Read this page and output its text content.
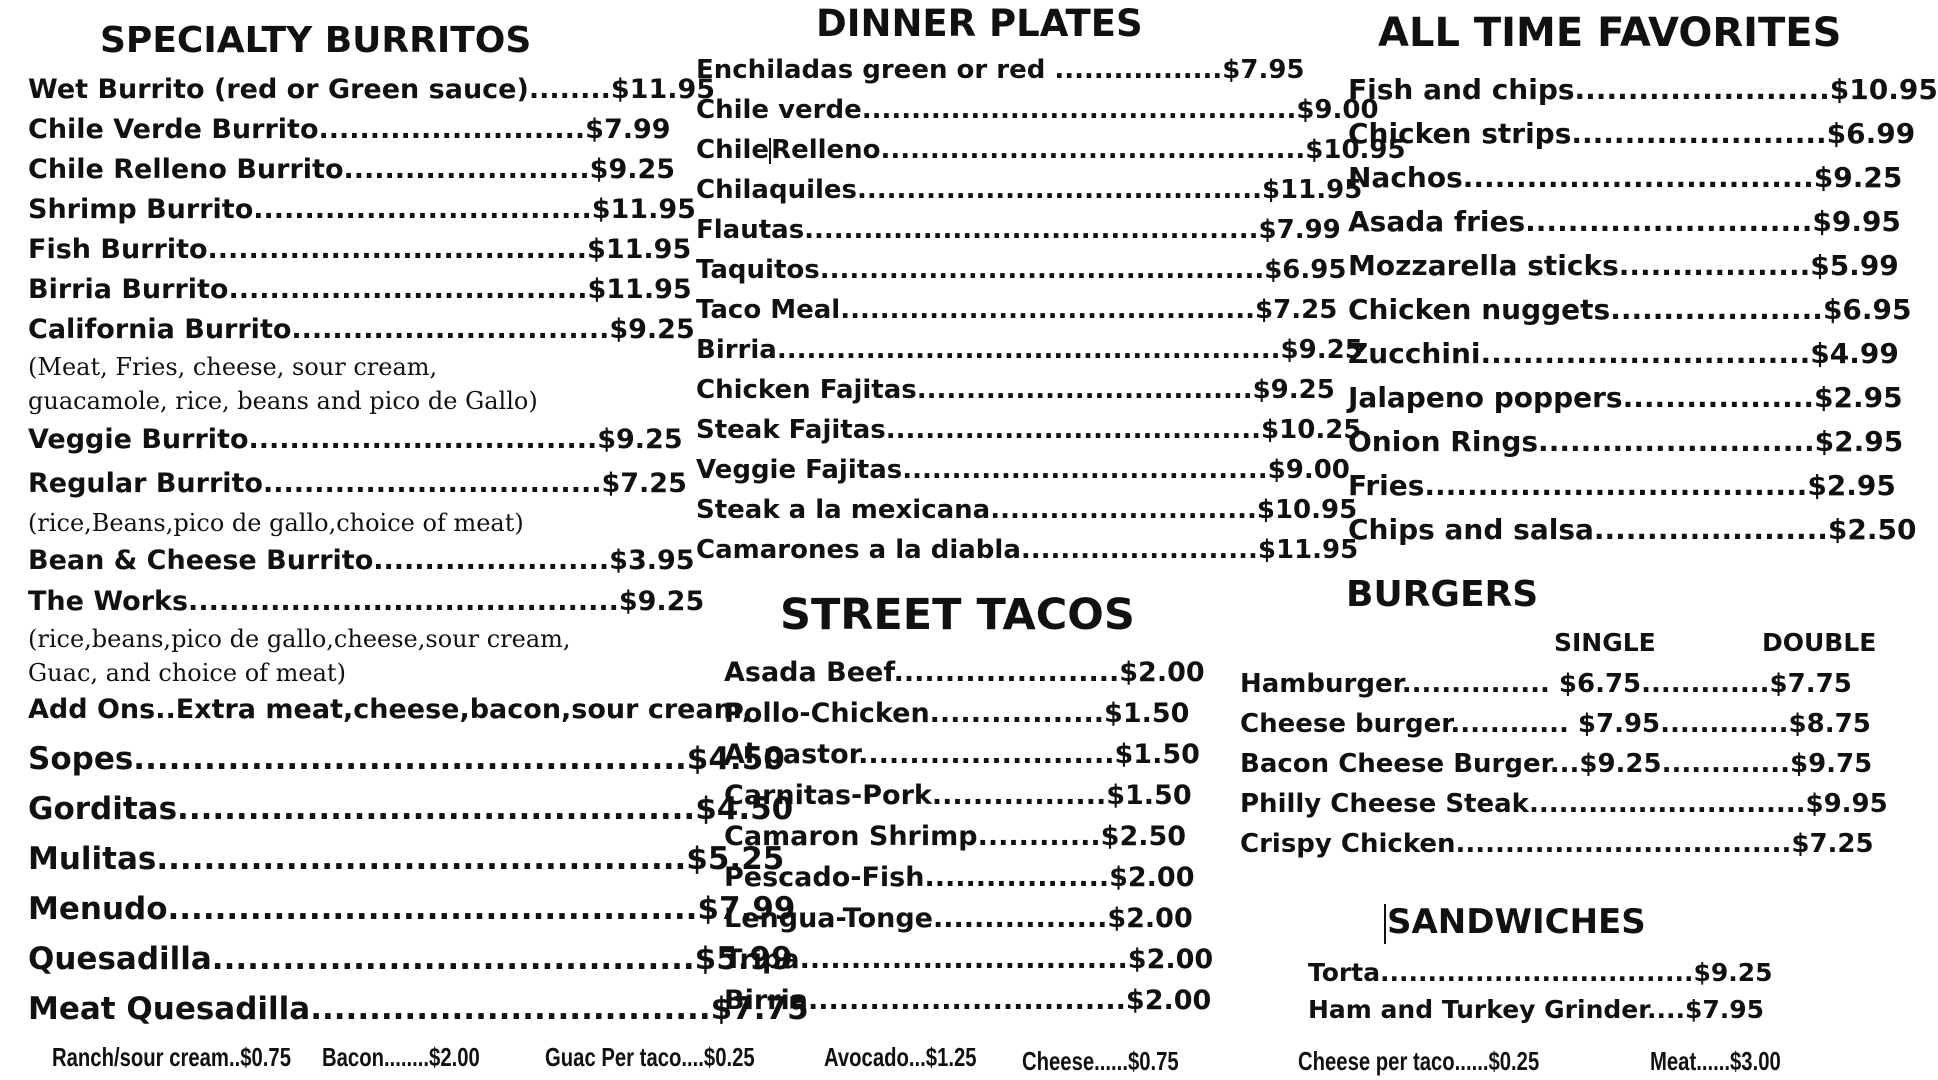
SPECIALTY BURRITOS
Wet Burrito (red or Green sauce)........$11.95
Chile Verde Burrito..........................$7.99
Chile Relleno Burrito........................$9.25
Shrimp Burrito.................................$11.95
Fish Burrito.....................................$11.95
Birria Burrito...................................$11.95
California Burrito...............................$9.25
(Meat, Fries, cheese, sour cream,
guacamole, rice, beans and pico de Gallo)
Veggie Burrito..................................$9.25
Regular Burrito.................................$7.25
(rice,Beans,pico de gallo,choice of meat)
Bean & Cheese Burrito.......................$3.95
The Works..........................................$9.25
(rice,beans,pico de gallo,cheese,sour cream,
Guac, and choice of meat)
Add Ons..Extra meat,cheese,bacon,sour cream,
Sopes...............................................$4.50
Gorditas............................................$4.50
Mulitas.............................................$5.25
Menudo.............................................$7.99
Quesadilla.........................................$5.99
Meat Quesadilla..................................$7.75
DINNER PLATES
Enchiladas green or red .................$7.95
Chile verde............................................$9.00
ChileRelleno...........................................$10.95
Chilaquiles.........................................$11.95
Flautas..............................................$7.99
Taquitos.............................................$6.95
Taco Meal..........................................$7.25
Birria...................................................$9.25
Chicken Fajitas..................................$9.25
Steak Fajitas......................................$10.25
Veggie Fajitas.....................................$9.00
Steak a la mexicana...........................$10.95
Camarones a la diabla........................$11.95
STREET TACOS
Asada Beef......................$2.00
Pollo-Chicken.................$1.50
Al pastor.........................$1.50
Carnitas-Pork.................$1.50
Camaron Shrimp............$2.50
Pescado-Fish..................$2.00
Lengua-Tonge.................$2.00
Tripa................................$2.00
Birria...............................$2.00
ALL TIME FAVORITES
Fish and chips........................$10.95
Chicken strips........................$6.99
Nachos.................................$9.25
Asada fries...........................$9.95
Mozzarella sticks..................$5.99
Chicken nuggets....................$6.95
Zucchini...............................$4.99
Jalapeno poppers..................$2.95
Onion Rings..........................$2.95
Fries....................................$2.95
Chips and salsa......................$2.50
BURGERS
SINGLE	DOUBLE
Hamburger............... $6.75.............$7.75
Cheese burger............ $7.95.............$8.75
Bacon Cheese Burger...$9.25.............$9.75
Philly Cheese Steak............................$9.95
Crispy Chicken..................................$7.25
SANDWICHES
Torta.................................$9.25
Ham and Turkey Grinder....$7.95
Ranch/sour cream..$0.75 Bacon........$2.00	Guac Per taco....$0.25	Avocado...$1.25 Cheese......$0.75	Cheese per taco......$0.25	Meat......$3.00
